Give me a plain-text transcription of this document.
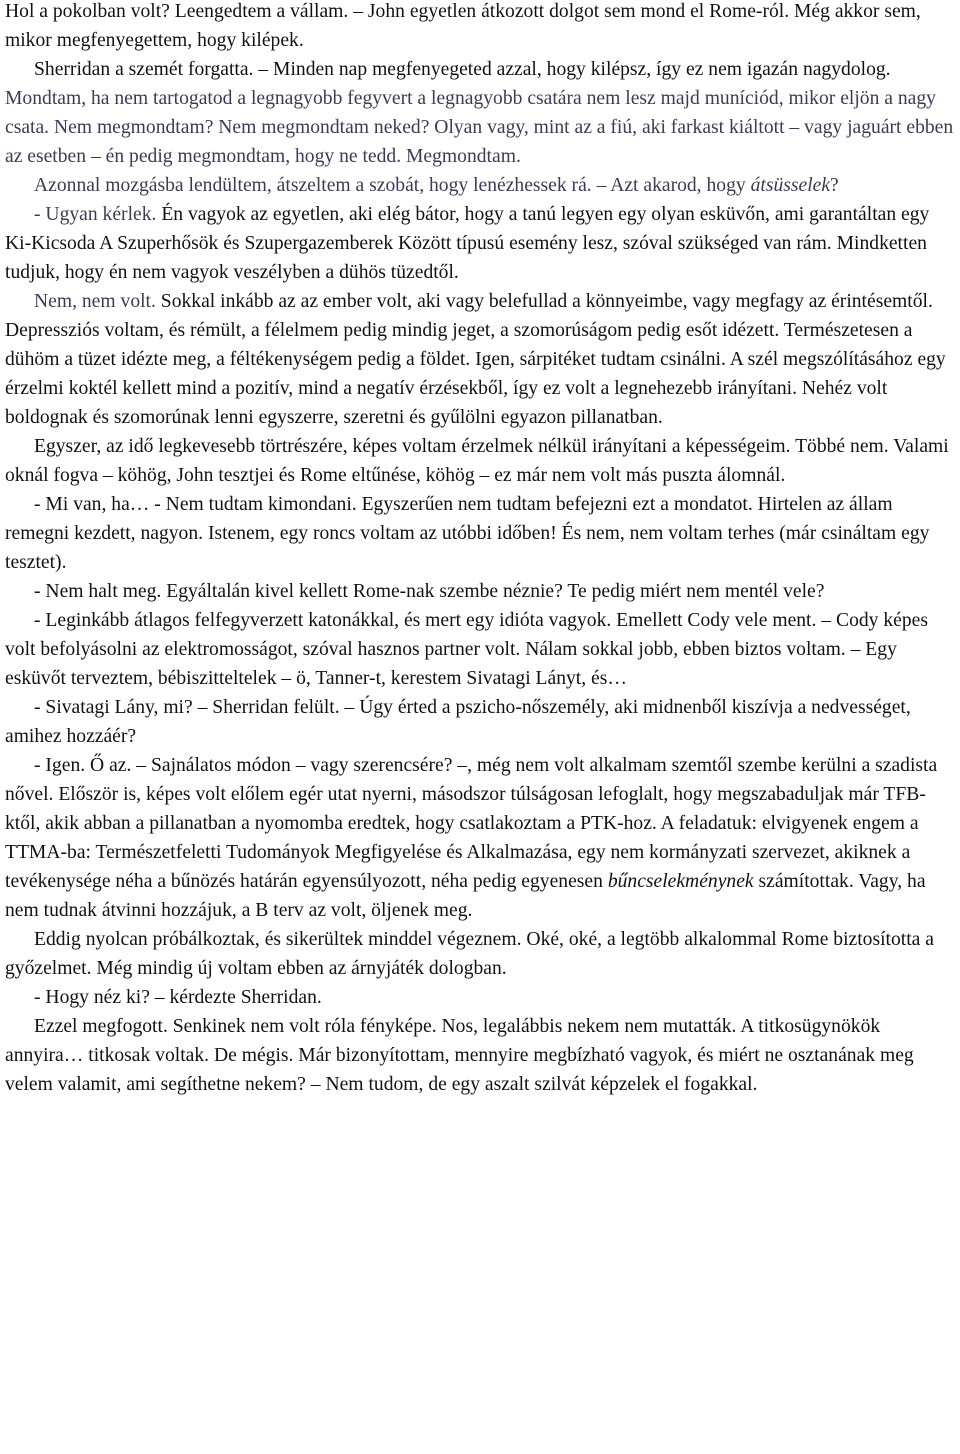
Hol a pokolban volt? Leengedtem a vállam. – John egyetlen átkozott dolgot sem mond el Rome-ról. Még akkor sem, mikor megfenyegettem, hogy kilépek.

Sherridan a szemét forgatta. – Minden nap megfenyegeted azzal, hogy kilépsz, így ez nem igazán nagydolog. Mondtam, ha nem tartogatod a legnagyobb fegyvert a legnagyobb csatára nem lesz majd muníciód, mikor eljön a nagy csata. Nem megmondtam? Nem megmondtam neked? Olyan vagy, mint az a fiú, aki farkast kiáltott – vagy jaguárt ebben az esetben – én pedig megmondtam, hogy ne tedd. Megmondtam.

Azonnal mozgásba lendültem, átszeltem a szobát, hogy lenézhessek rá. – Azt akarod, hogy átsüsselek?

- Ugyan kérlek. Én vagyok az egyetlen, aki elég bátor, hogy a tanú legyen egy olyan esküvőn, ami garantáltan egy Ki-Kicsoda A Szuperhősök és Szupergazemberek Között típusú esemény lesz, szóval szükséged van rám. Mindketten tudjuk, hogy én nem vagyok veszélyben a dühös tüzedtől.

Nem, nem volt. Sokkal inkább az az ember volt, aki vagy belefullad a könnyeimbe, vagy megfagy az érintésemtől. Depressziós voltam, és rémült, a félelmem pedig mindig jeget, a szomorúságom pedig esőt idézett. Természetesen a dühöm a tüzet idézte meg, a féltékenységem pedig a földet. Igen, sárpitéket tudtam csinálni. A szél megszólításához egy érzelmi koktél kellett mind a pozitív, mind a negatív érzésekből, így ez volt a legnehezebb irányítani. Nehéz volt boldognak és szomorúnak lenni egyszerre, szeretni és gyűlölni egyazon pillanatban.

Egyszer, az idő legkevesebb törtrészére, képes voltam érzelmek nélkül irányítani a képességeim. Többé nem. Valami oknál fogva – köhög, John tesztjei és Rome eltűnése, köhög – ez már nem volt más puszta álomnál.

- Mi van, ha… - Nem tudtam kimondani. Egyszerűen nem tudtam befejezni ezt a mondatot. Hirtelen az állam remegni kezdett, nagyon. Istenem, egy roncs voltam az utóbbi időben! És nem, nem voltam terhes (már csináltam egy tesztet).

- Nem halt meg. Egyáltalán kivel kellett Rome-nak szembe néznie? Te pedig miért nem mentél vele?

- Leginkább átlagos felfegyverzett katonákkal, és mert egy idióta vagyok. Emellett Cody vele ment. – Cody képes volt befolyásolni az elektromosságot, szóval hasznos partner volt. Nálam sokkal jobb, ebben biztos voltam. – Egy esküvőt terveztem, bébiszitteltelek – ö, Tanner-t, kerestem Sivatagi Lányt, és…

- Sivatagi Lány, mi? – Sherridan felült. – Úgy érted a pszicho-nőszemély, aki midnenből kiszívja a nedvességet, amihez hozzáér?

- Igen. Ő az. – Sajnálatos módon – vagy szerencsére? –, még nem volt alkalmam szemtől szembe kerülni a szadista nővel. Először is, képes volt előlem egér utat nyerni, másodszor túlságosan lefoglalt, hogy megszabaduljak már TFB-ktől, akik abban a pillanatban a nyomomba eredtek, hogy csatlakoztam a PTK-hoz. A feladatuk: elvigyenek engem a TTMA-ba: Természetfeletti Tudományok Megfigyelése és Alkalmazása, egy nem kormányzati szervezet, akiknek a tevékenysége néha a bűnözés határán egyensúlyozott, néha pedig egyenesen bűncselekménynek számítottak. Vagy, ha nem tudnak átvinni hozzájuk, a B terv az volt, öljenek meg.

Eddig nyolcan próbálkoztak, és sikerültek minddel végeznem. Oké, oké, a legtöbb alkalommal Rome biztosította a győzelmet. Még mindig új voltam ebben az árnyjáték dologban.

- Hogy néz ki? – kérdezte Sherridan.

Ezzel megfogott. Senkinek nem volt róla fényképe. Nos, legalábbis nekem nem mutatták. A titkosügynökök annyira… titkosak voltak. De mégis. Már bizonyítottam, mennyire megbízható vagyok, és miért ne osztanának meg velem valamit, ami segíthetne nekem? – Nem tudom, de egy aszalt szilvát képzelek el fogakkal.
